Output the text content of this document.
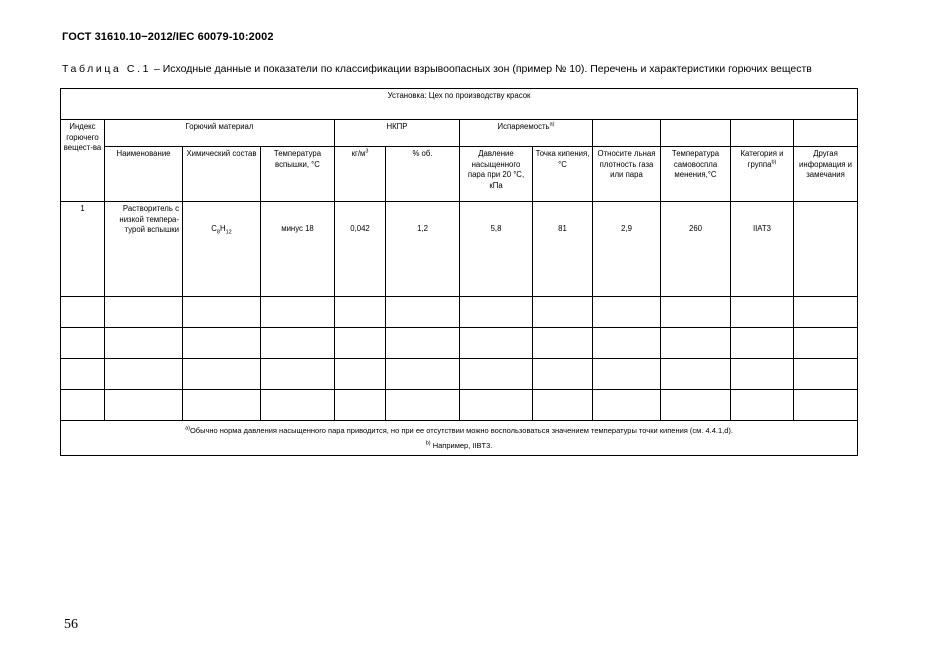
ГОСТ 31610.10−2012/IEC 60079-10:2002
Таблица С.1 – Исходные данные и показатели по классификации взрывоопасных зон (пример № 10). Перечень и характеристики горючих веществ
Установка: Цех по производству красок											
Индекс горючего вещест-ва	Горючий материал			НКПР		Испаряемость$^{а)}$				
	Наименование	Химический состав	Температура вспышки, °C	$кг/м^3$	% об.	Давление насыщенного пара при 20 °C, кПа	Точка кипения, °C	Относите льная плотность газа или пара	Температура самовоспла менения,°C	Категория и группа$^{b)}$	Другая информация и замечания
1	Растворитель с низкой темпера-турой вспышки	$C_8H_{12}$	минус 18	0,042	1,2	5,8	81	2,9	260	IIAT3	

$^{а)}$Обычно норма давления насыщенного пара приводится, но при ее отсутствии можно воспользоваться значением температуры точки кипения (см. 4.4.1,d).
$^{b)}$ Например, IIBT3.											
56
